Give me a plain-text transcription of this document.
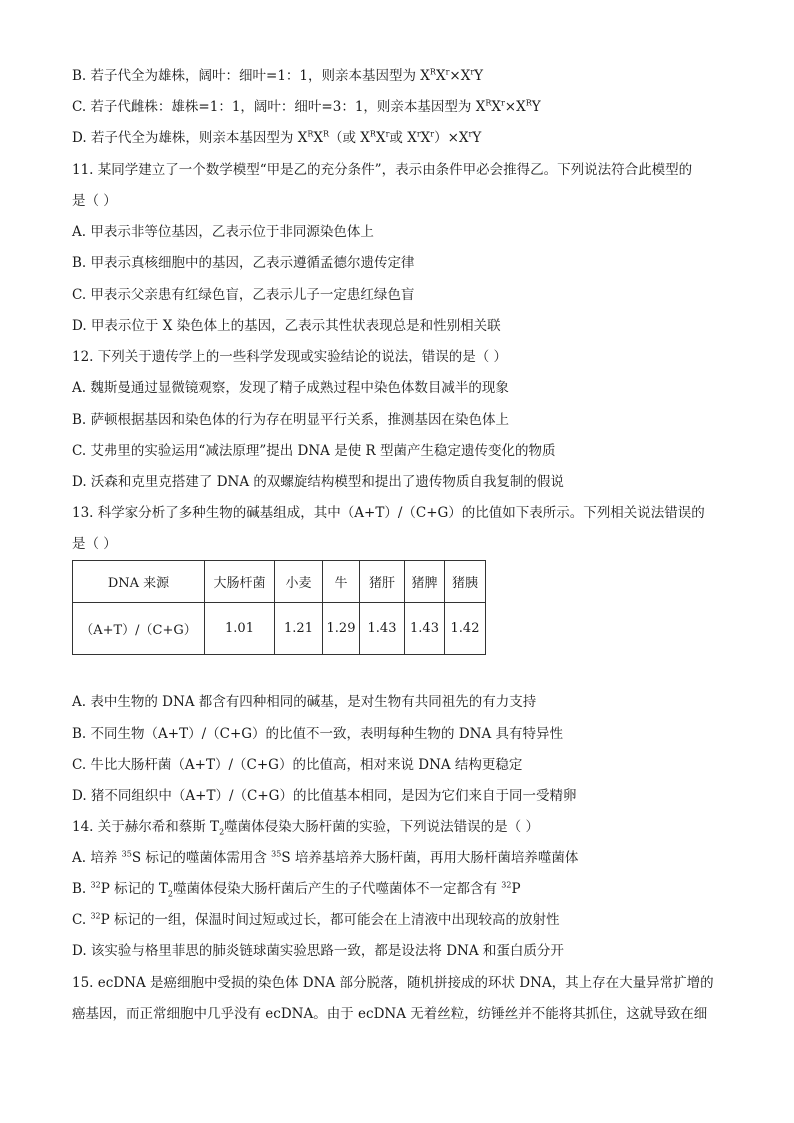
B. 若子代全为雄株，阔叶：细叶=1：1，则亲本基因型为 $X^RX^r\times X^rY$
C. 若子代雌株：雄株=1：1，阔叶：细叶=3：1，则亲本基因型为 $X^RX^r\times X^RY$
D. 若子代全为雄株，则亲本基因型为 $X^RX^R$（或 $X^RX^r$或 $X^rX^r)\times X^rY$
11. 某同学建立了一个数学模型“甲是乙的充分条件”，表示由条件甲必会推得乙。下列说法符合此模型的
是（ ）
A. 甲表示非等位基因，乙表示位于非同源染色体上
B. 甲表示真核细胞中的基因，乙表示遵循孟德尔遗传定律
C. 甲表示父亲患有红绿色盲，乙表示儿子一定患红绿色盲
D. 甲表示位于 X 染色体上的基因，乙表示其性状表现总是和性别相关联
12. 下列关于遗传学上的一些科学发现或实验结论的说法，错误的是（ ）
A. 魏斯曼通过显微镜观察，发现了精子成熟过程中染色体数目减半的现象
B. 萨顿根据基因和染色体的行为存在明显平行关系，推测基因在染色体上
C. 艾弗里的实验运用“减法原理”提出 DNA 是使 R 型菌产生稳定遗传变化的物质
D. 沃森和克里克搭建了 DNA 的双螺旋结构模型和提出了遗传物质自我复制的假说
13. 科学家分析了多种生物的碱基组成，其中（A+T）/（C+G）的比值如下表所示。下列相关说法错误的
是（ ）
DNA 来源	大肠杆菌	小麦	牛	猪肝	猪脾	猪胰
（A+T）/（C+G）	1.01	1.21	1.29	1.43	1.43	1.42
A. 表中生物的 DNA 都含有四种相同的碱基，是对生物有共同祖先的有力支持
B. 不同生物（A+T）/（C+G）的比值不一致，表明每种生物的 DNA 具有特异性
C. 牛比大肠杆菌（A+T）/（C+G）的比值高，相对来说 DNA 结构更稳定
D. 猪不同组织中（A+T）/（C+G）的比值基本相同，是因为它们来自于同一受精卵
14. 关于赫尔希和蔡斯 $T_2$噬菌体侵染大肠杆菌的实验，下列说法错误的是（ ）
A. 培养 $^{35}$S 标记的噬菌体需用含 $^{35}$S 培养基培养大肠杆菌，再用大肠杆菌培养噬菌体
B. $^{32}$P 标记的 $T_2$噬菌体侵染大肠杆菌后产生的子代噬菌体不一定都含有 $^{32}$P
C. $^{32}$P 标记的一组，保温时间过短或过长，都可能会在上清液中出现较高的放射性
D. 该实验与格里菲思的肺炎链球菌实验思路一致，都是设法将 DNA 和蛋白质分开
15. ecDNA 是癌细胞中受损的染色体 DNA 部分脱落，随机拼接成的环状 DNA，其上存在大量异常扩增的
癌基因，而正常细胞中几乎没有 ecDNA。由于 ecDNA 无着丝粒，纺锤丝并不能将其抓住，这就导致在细
